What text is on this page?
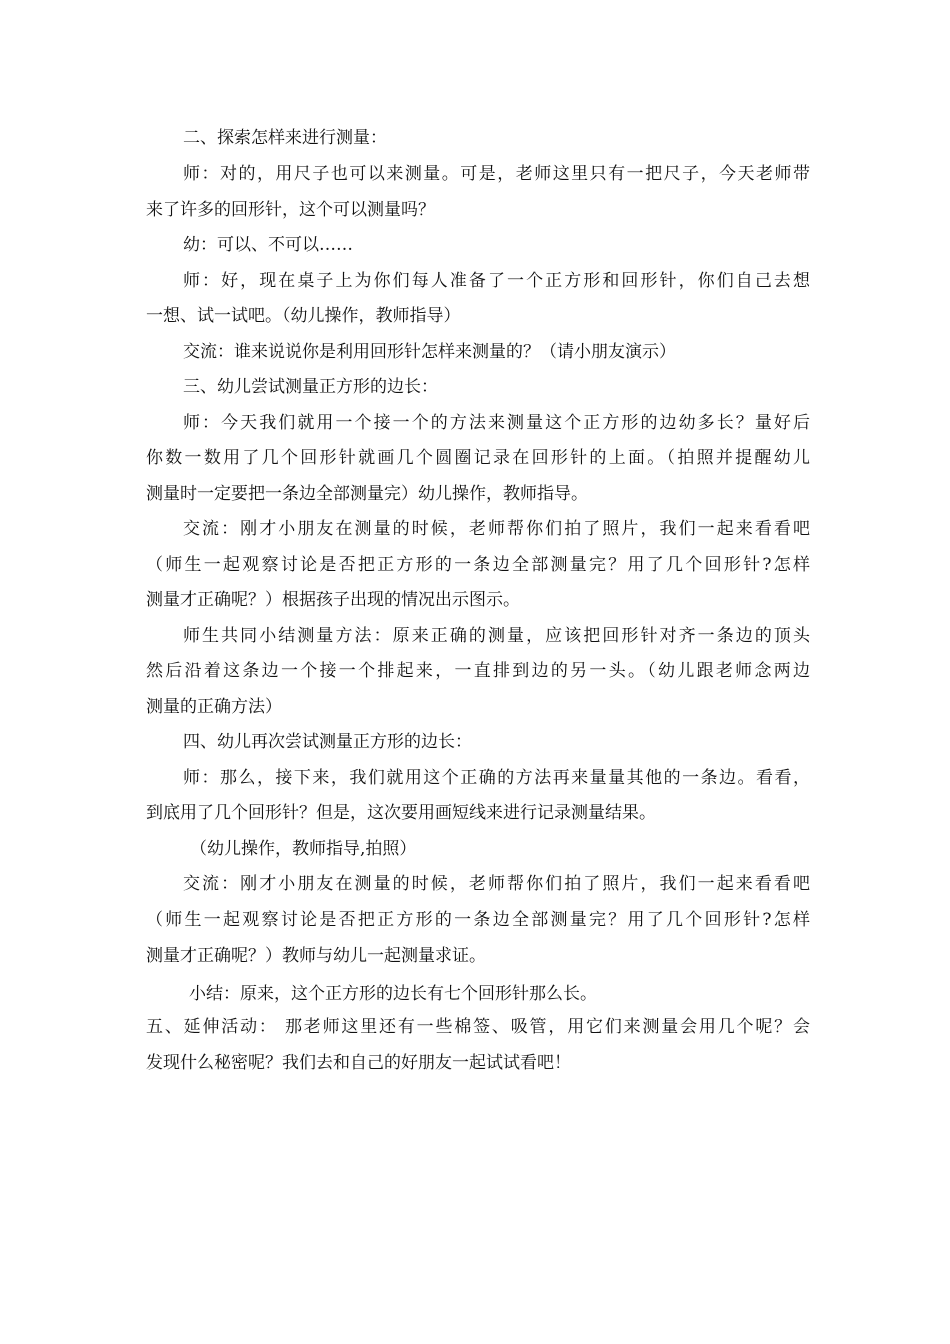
二、探索怎样来进行测量：
师：对的，用尺子也可以来测量。可是，老师这里只有一把尺子，今天老师带
来了许多的回形针，这个可以测量吗？
幼：可以、不可以……
师：好，现在桌子上为你们每人准备了一个正方形和回形针，你们自己去想
一想、试一试吧。（幼儿操作，教师指导）
交流：谁来说说你是利用回形针怎样来测量的？（请小朋友演示）
三、幼儿尝试测量正方形的边长：
师：今天我们就用一个接一个的方法来测量这个正方形的边幼多长？量好后
你数一数用了几个回形针就画几个圆圈记录在回形针的上面。（拍照并提醒幼儿
测量时一定要把一条边全部测量完）幼儿操作，教师指导。
交流：刚才小朋友在测量的时候，老师帮你们拍了照片，我们一起来看看吧
（师生一起观察讨论是否把正方形的一条边全部测量完？用了几个回形针?怎样
测量才正确呢？）根据孩子出现的情况出示图示。
师生共同小结测量方法：原来正确的测量，应该把回形针对齐一条边的顶头
然后沿着这条边一个接一个排起来，一直排到边的另一头。（幼儿跟老师念两边
测量的正确方法）
四、幼儿再次尝试测量正方形的边长：
师：那么，接下来，我们就用这个正确的方法再来量量其他的一条边。看看，
到底用了几个回形针？但是，这次要用画短线来进行记录测量结果。
（幼儿操作，教师指导,拍照）
交流：刚才小朋友在测量的时候，老师帮你们拍了照片，我们一起来看看吧
（师生一起观察讨论是否把正方形的一条边全部测量完？用了几个回形针?怎样
测量才正确呢？）教师与幼儿一起测量求证。
小结：原来，这个正方形的边长有七个回形针那么长。
五、延伸活动： 那老师这里还有一些棉签、吸管，用它们来测量会用几个呢？会
发现什么秘密呢？我们去和自己的好朋友一起试试看吧！
